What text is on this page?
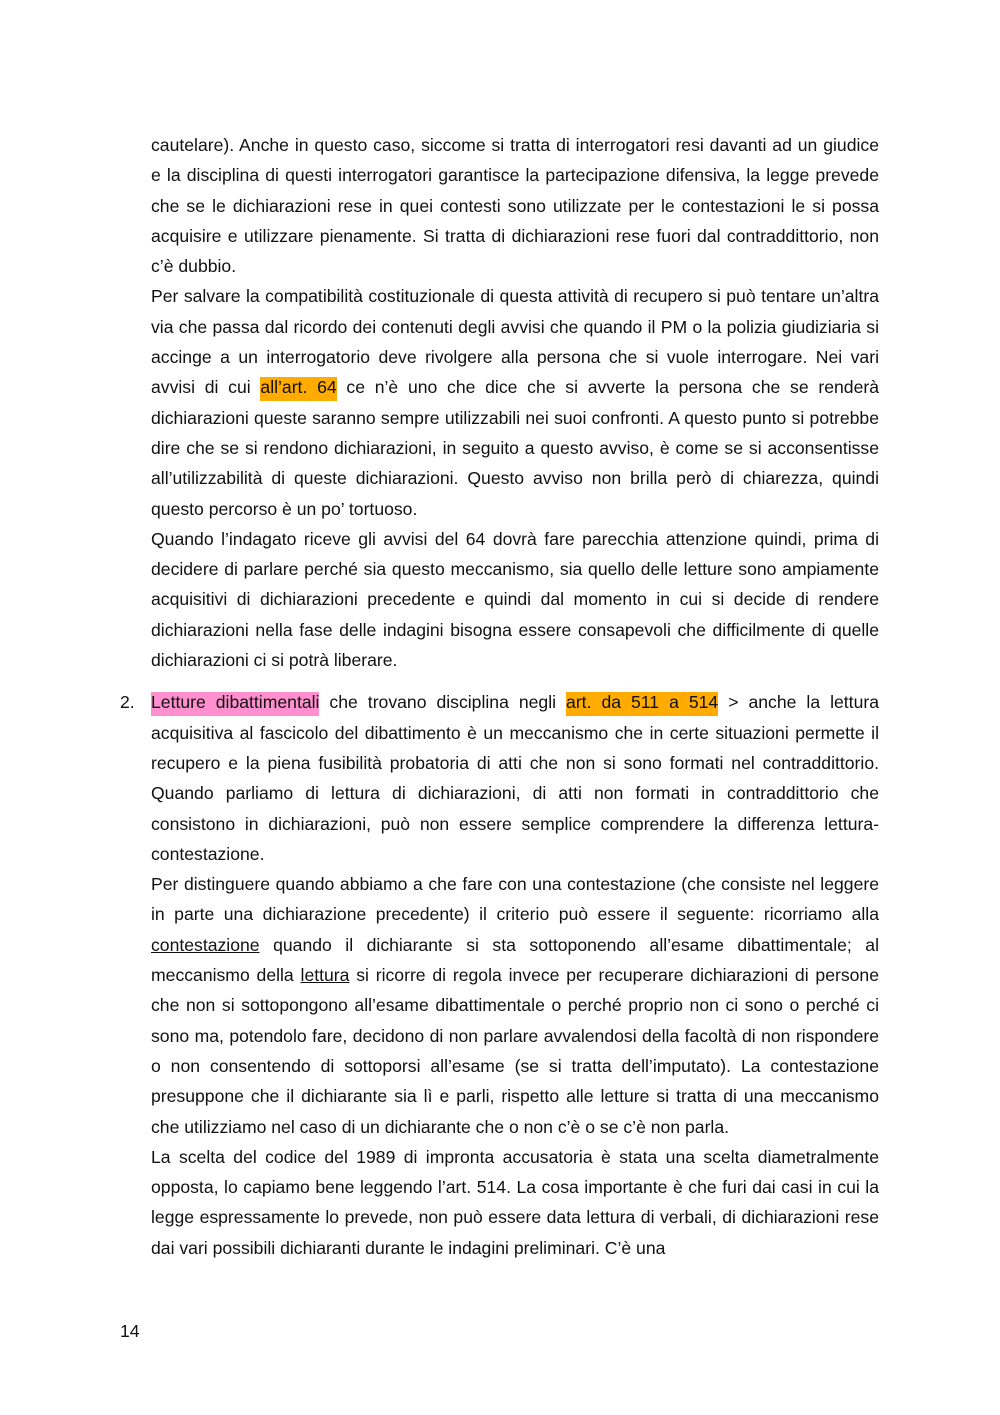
cautelare). Anche in questo caso, siccome si tratta di interrogatori resi davanti ad un giudice e la disciplina di questi interrogatori garantisce la partecipazione difensiva, la legge prevede che se le dichiarazioni rese in quei contesti sono utilizzate per le contestazioni le si possa acquisire e utilizzare pienamente. Si tratta di dichiarazioni rese fuori dal contraddittorio, non c’è dubbio.

Per salvare la compatibilità costituzionale di questa attività di recupero si può tentare un’altra via che passa dal ricordo dei contenuti degli avvisi che quando il PM o la polizia giudiziaria si accinge a un interrogatorio deve rivolgere alla persona che si vuole interrogare. Nei vari avvisi di cui all’art. 64 ce n’è uno che dice che si avverte la persona che se renderà dichiarazioni queste saranno sempre utilizzabili nei suoi confronti. A questo punto si potrebbe dire che se si rendono dichiarazioni, in seguito a questo avviso, è come se si acconsentisse all’utilizzabilità di queste dichiarazioni. Questo avviso non brilla però di chiarezza, quindi questo percorso è un po’ tortuoso.

Quando l’indagato riceve gli avvisi del 64 dovrà fare parecchia attenzione quindi, prima di decidere di parlare perché sia questo meccanismo, sia quello delle letture sono ampiamente acquisitivi di dichiarazioni precedente e quindi dal momento in cui si decide di rendere dichiarazioni nella fase delle indagini bisogna essere consapevoli che difficilmente di quelle dichiarazioni ci si potrà liberare.

2. Letture dibattimentali che trovano disciplina negli art. da 511 a 514 > anche la lettura acquisitiva al fascicolo del dibattimento è un meccanismo che in certe situazioni permette il recupero e la piena fusibilità probatoria di atti che non si sono formati nel contraddittorio. Quando parliamo di lettura di dichiarazioni, di atti non formati in contraddittorio che consistono in dichiarazioni, può non essere semplice comprendere la differenza lettura-contestazione.

Per distinguere quando abbiamo a che fare con una contestazione (che consiste nel leggere in parte una dichiarazione precedente) il criterio può essere il seguente: ricorriamo alla contestazione quando il dichiarante si sta sottoponendo all’esame dibattimentale; al meccanismo della lettura si ricorre di regola invece per recuperare dichiarazioni di persone che non si sottopongono all’esame dibattimentale o perché proprio non ci sono o perché ci sono ma, potendolo fare, decidono di non parlare avvalendosi della facoltà di non rispondere o non consentendo di sottoporsi all’esame (se si tratta dell’imputato). La contestazione presuppone che il dichiarante sia lì e parli, rispetto alle letture si tratta di una meccanismo che utilizziamo nel caso di un dichiarante che o non c’è o se c’è non parla.

La scelta del codice del 1989 di impronta accusatoria è stata una scelta diametralmente opposta, lo capiamo bene leggendo l’art. 514. La cosa importante è che furi dai casi in cui la legge espressamente lo prevede, non può essere data lettura di verbali, di dichiarazioni rese dai vari possibili dichiaranti durante le indagini preliminari. C’è una

14
